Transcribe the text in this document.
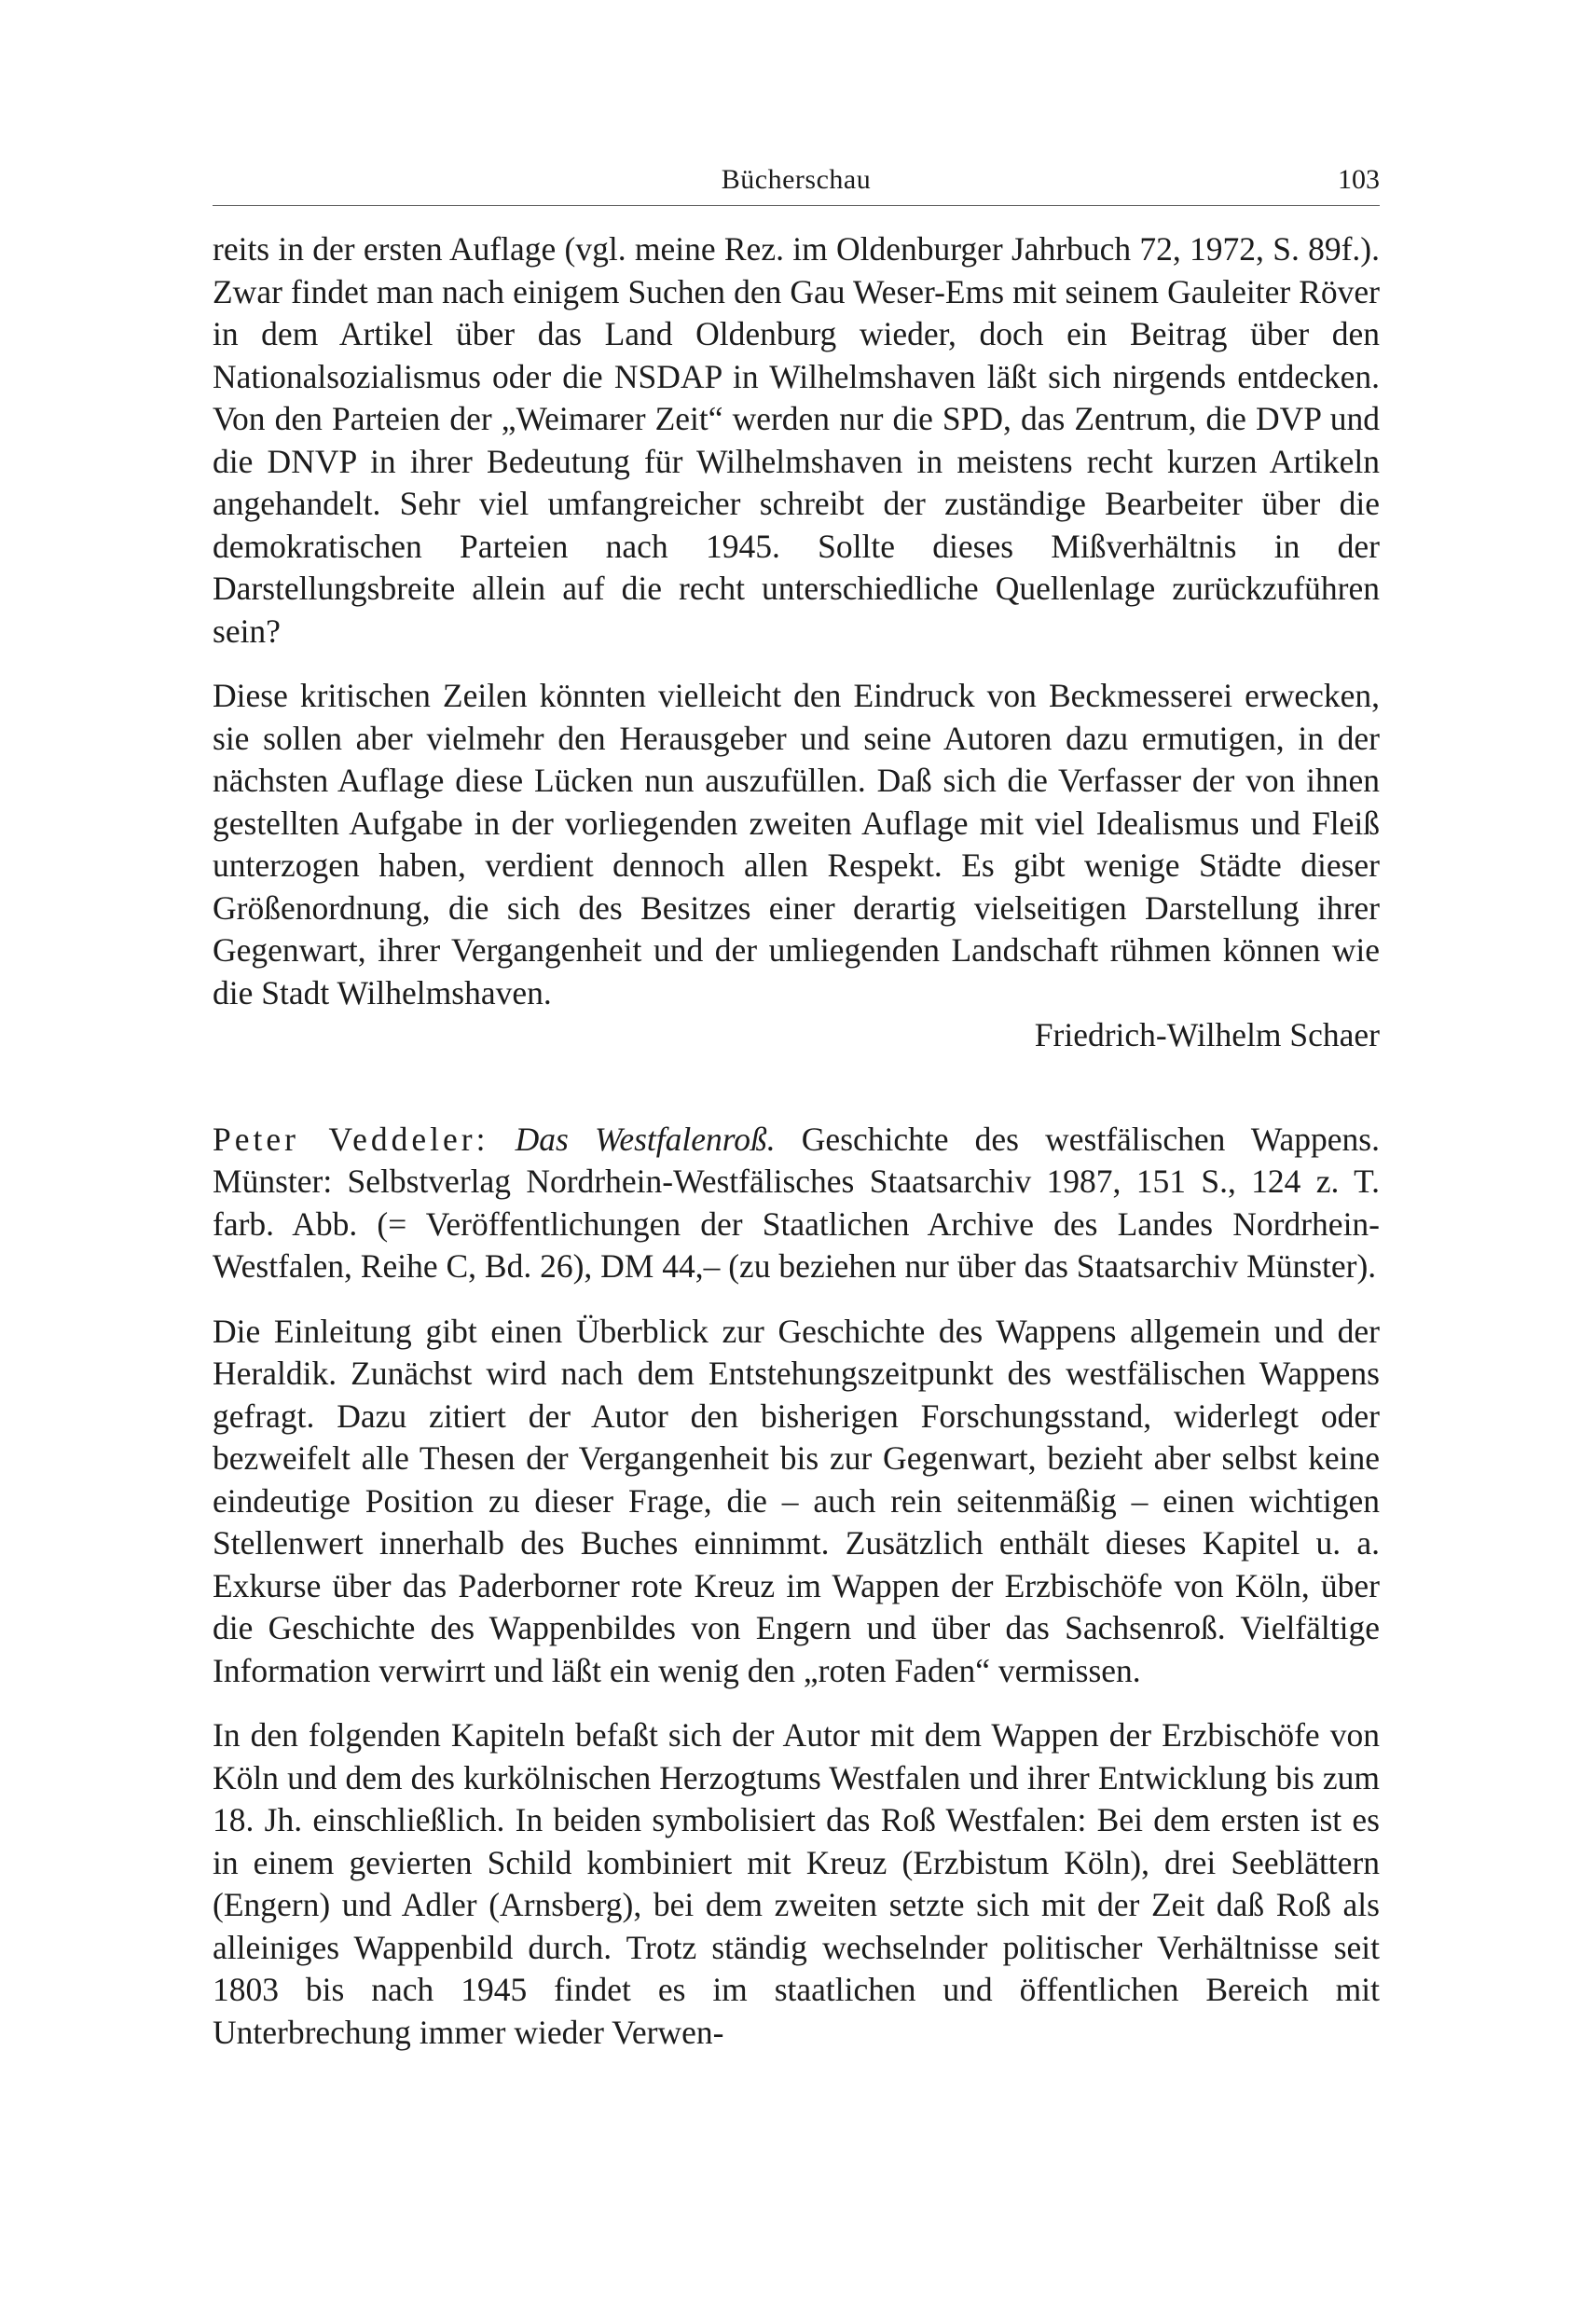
Bücherschau	103

reits in der ersten Auflage (vgl. meine Rez. im Oldenburger Jahrbuch 72, 1972, S. 89f.). Zwar findet man nach einigem Suchen den Gau Weser-Ems mit seinem Gauleiter Röver in dem Artikel über das Land Oldenburg wieder, doch ein Beitrag über den Nationalsozialismus oder die NSDAP in Wilhelmshaven läßt sich nirgends entdecken. Von den Parteien der „Weimarer Zeit“ werden nur die SPD, das Zentrum, die DVP und die DNVP in ihrer Bedeutung für Wilhelmshaven in meistens recht kurzen Artikeln angehandelt. Sehr viel umfangreicher schreibt der zuständige Bearbeiter über die demokratischen Parteien nach 1945. Sollte dieses Mißverhältnis in der Darstellungsbreite allein auf die recht unterschiedliche Quellenlage zurückzuführen sein?

Diese kritischen Zeilen könnten vielleicht den Eindruck von Beckmesserei erwecken, sie sollen aber vielmehr den Herausgeber und seine Autoren dazu ermutigen, in der nächsten Auflage diese Lücken nun auszufüllen. Daß sich die Verfasser der von ihnen gestellten Aufgabe in der vorliegenden zweiten Auflage mit viel Idealismus und Fleiß unterzogen haben, verdient dennoch allen Respekt. Es gibt wenige Städte dieser Größenordnung, die sich des Besitzes einer derartig vielseitigen Darstellung ihrer Gegenwart, ihrer Vergangenheit und der umliegenden Landschaft rühmen können wie die Stadt Wilhelmshaven.

Friedrich-Wilhelm Schaer

Peter Veddeler: Das Westfalenroß. Geschichte des westfälischen Wappens. Münster: Selbstverlag Nordrhein-Westfälisches Staatsarchiv 1987, 151 S., 124 z. T. farb. Abb. (= Veröffentlichungen der Staatlichen Archive des Landes Nordrhein-Westfalen, Reihe C, Bd. 26), DM 44,– (zu beziehen nur über das Staatsarchiv Münster).

Die Einleitung gibt einen Überblick zur Geschichte des Wappens allgemein und der Heraldik. Zunächst wird nach dem Entstehungszeitpunkt des westfälischen Wappens gefragt. Dazu zitiert der Autor den bisherigen Forschungsstand, widerlegt oder bezweifelt alle Thesen der Vergangenheit bis zur Gegenwart, bezieht aber selbst keine eindeutige Position zu dieser Frage, die – auch rein seitenmäßig – einen wichtigen Stellenwert innerhalb des Buches einnimmt. Zusätzlich enthält dieses Kapitel u. a. Exkurse über das Paderborner rote Kreuz im Wappen der Erzbischöfe von Köln, über die Geschichte des Wappenbildes von Engern und über das Sachsenroß. Vielfältige Information verwirrt und läßt ein wenig den „roten Faden“ vermissen.

In den folgenden Kapiteln befaßt sich der Autor mit dem Wappen der Erzbischöfe von Köln und dem des kurkölnischen Herzogtums Westfalen und ihrer Entwicklung bis zum 18. Jh. einschließlich. In beiden symbolisiert das Roß Westfalen: Bei dem ersten ist es in einem gevierten Schild kombiniert mit Kreuz (Erzbistum Köln), drei Seeblättern (Engern) und Adler (Arnsberg), bei dem zweiten setzte sich mit der Zeit daß Roß als alleiniges Wappenbild durch. Trotz ständig wechselnder politischer Verhältnisse seit 1803 bis nach 1945 findet es im staatlichen und öffentlichen Bereich mit Unterbrechung immer wieder Verwen-
